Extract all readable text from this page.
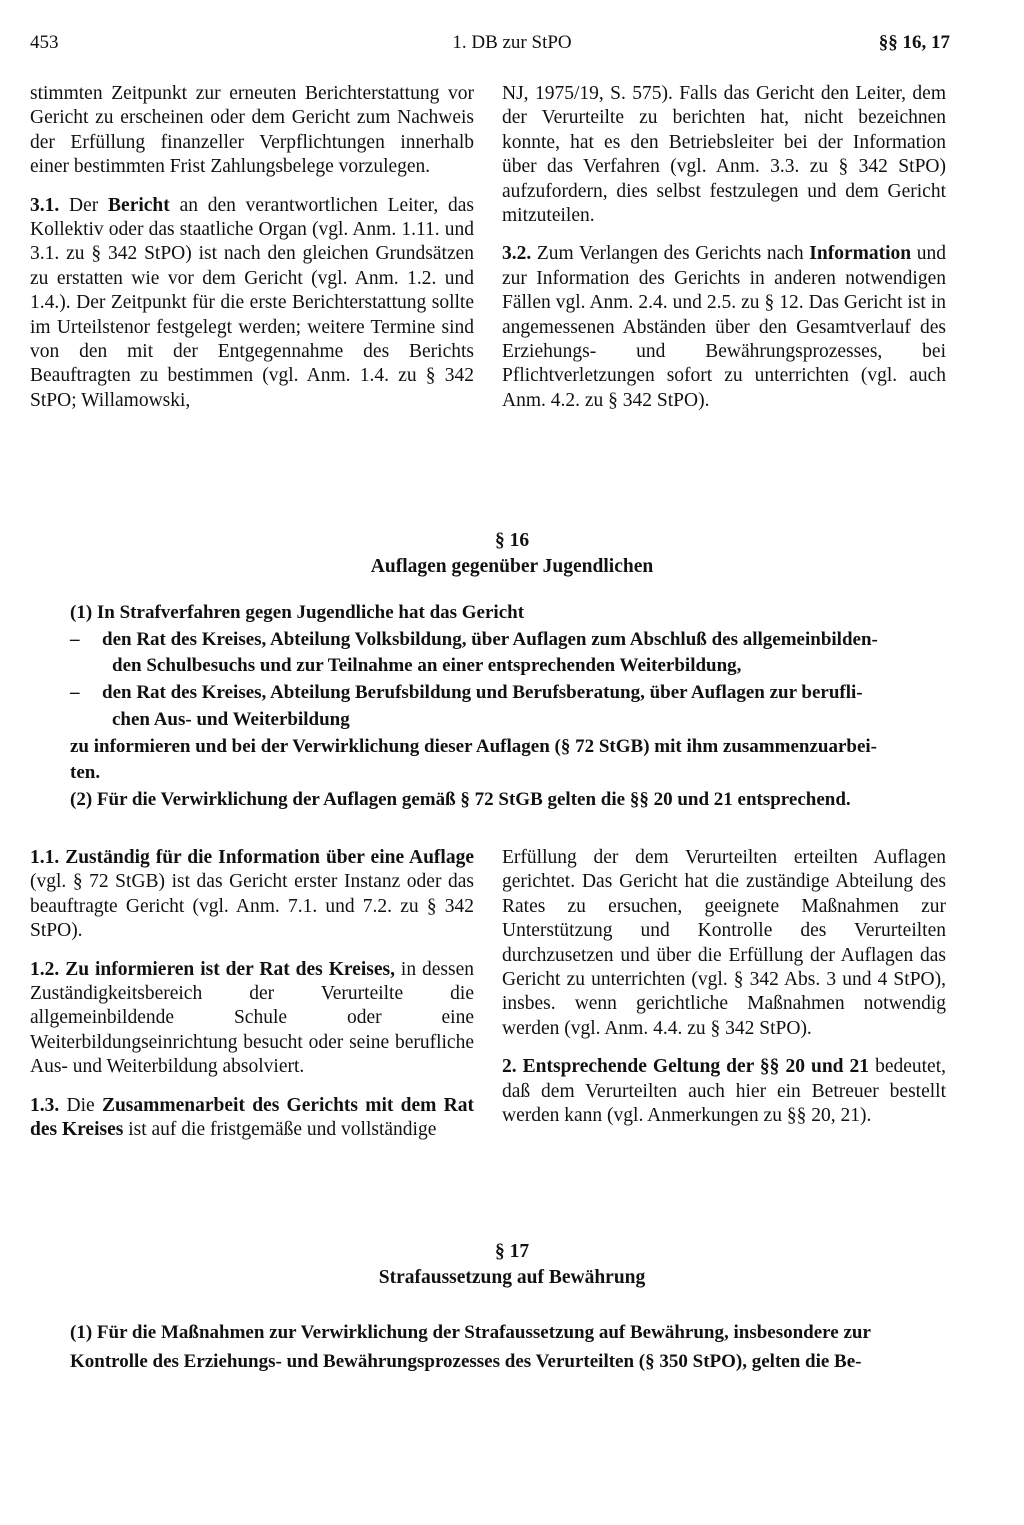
453	1. DB zur StPO	§§ 16, 17

stimmten Zeitpunkt zur erneuten Berichterstattung vor Gericht zu erscheinen oder dem Gericht zum Nachweis der Erfüllung finanzeller Verpflichtungen innerhalb einer bestimmten Frist Zahlungsbelege vorzulegen.

3.1. Der Bericht an den verantwortlichen Leiter, das Kollektiv oder das staatliche Organ (vgl. Anm. 1.11. und 3.1. zu § 342 StPO) ist nach den gleichen Grundsätzen zu erstatten wie vor dem Gericht (vgl. Anm. 1.2. und 1.4.). Der Zeitpunkt für die erste Berichterstattung sollte im Urteilstenor festgelegt werden; weitere Termine sind von den mit der Entgegennahme des Berichts Beauftragten zu bestimmen (vgl. Anm. 1.4. zu § 342 StPO; Willamowski,

NJ, 1975/19, S. 575). Falls das Gericht den Leiter, dem der Verurteilte zu berichten hat, nicht bezeichnen konnte, hat es den Betriebsleiter bei der Information über das Verfahren (vgl. Anm. 3.3. zu § 342 StPO) aufzufordern, dies selbst festzulegen und dem Gericht mitzuteilen.

3.2. Zum Verlangen des Gerichts nach Information und zur Information des Gerichts in anderen notwendigen Fällen vgl. Anm. 2.4. und 2.5. zu § 12. Das Gericht ist in angemessenen Abständen über den Gesamtverlauf des Erziehungs- und Bewährungsprozesses, bei Pflichtverletzungen sofort zu unterrichten (vgl. auch Anm. 4.2. zu § 342 StPO).

§ 16
Auflagen gegenüber Jugendlichen
(1) In Strafverfahren gegen Jugendliche hat das Gericht
– den Rat des Kreises, Abteilung Volksbildung, über Auflagen zum Abschluß des allgemeinbilden-
den Schulbesuchs und zur Teilnahme an einer entsprechenden Weiterbildung,
– den Rat des Kreises, Abteilung Berufsbildung und Berufsberatung, über Auflagen zur berufli-
chen Aus- und Weiterbildung
zu informieren und bei der Verwirklichung dieser Auflagen (§ 72 StGB) mit ihm zusammenzuarbei-
ten.
(2) Für die Verwirklichung der Auflagen gemäß § 72 StGB gelten die §§ 20 und 21 entsprechend.

1.1. Zuständig für die Information über eine Auflage (vgl. § 72 StGB) ist das Gericht erster Instanz oder das beauftragte Gericht (vgl. Anm. 7.1. und 7.2. zu § 342 StPO).

1.2. Zu informieren ist der Rat des Kreises, in dessen Zuständigkeitsbereich der Verurteilte die allgemeinbildende Schule oder eine Weiterbildungseinrichtung besucht oder seine berufliche Aus- und Weiterbildung absolviert.

1.3. Die Zusammenarbeit des Gerichts mit dem Rat des Kreises ist auf die fristgemäße und vollständige

Erfüllung der dem Verurteilten erteilten Auflagen gerichtet. Das Gericht hat die zuständige Abteilung des Rates zu ersuchen, geeignete Maßnahmen zur Unterstützung und Kontrolle des Verurteilten durchzusetzen und über die Erfüllung der Auflagen das Gericht zu unterrichten (vgl. § 342 Abs. 3 und 4 StPO), insbes. wenn gerichtliche Maßnahmen notwendig werden (vgl. Anm. 4.4. zu § 342 StPO).

2. Entsprechende Geltung der §§ 20 und 21 bedeutet, daß dem Verurteilten auch hier ein Betreuer bestellt werden kann (vgl. Anmerkungen zu §§ 20, 21).

§ 17
Strafaussetzung auf Bewährung
(1) Für die Maßnahmen zur Verwirklichung der Strafaussetzung auf Bewährung, insbesondere zur
Kontrolle des Erziehungs- und Bewährungsprozesses des Verurteilten (§ 350 StPO), gelten die Be-
